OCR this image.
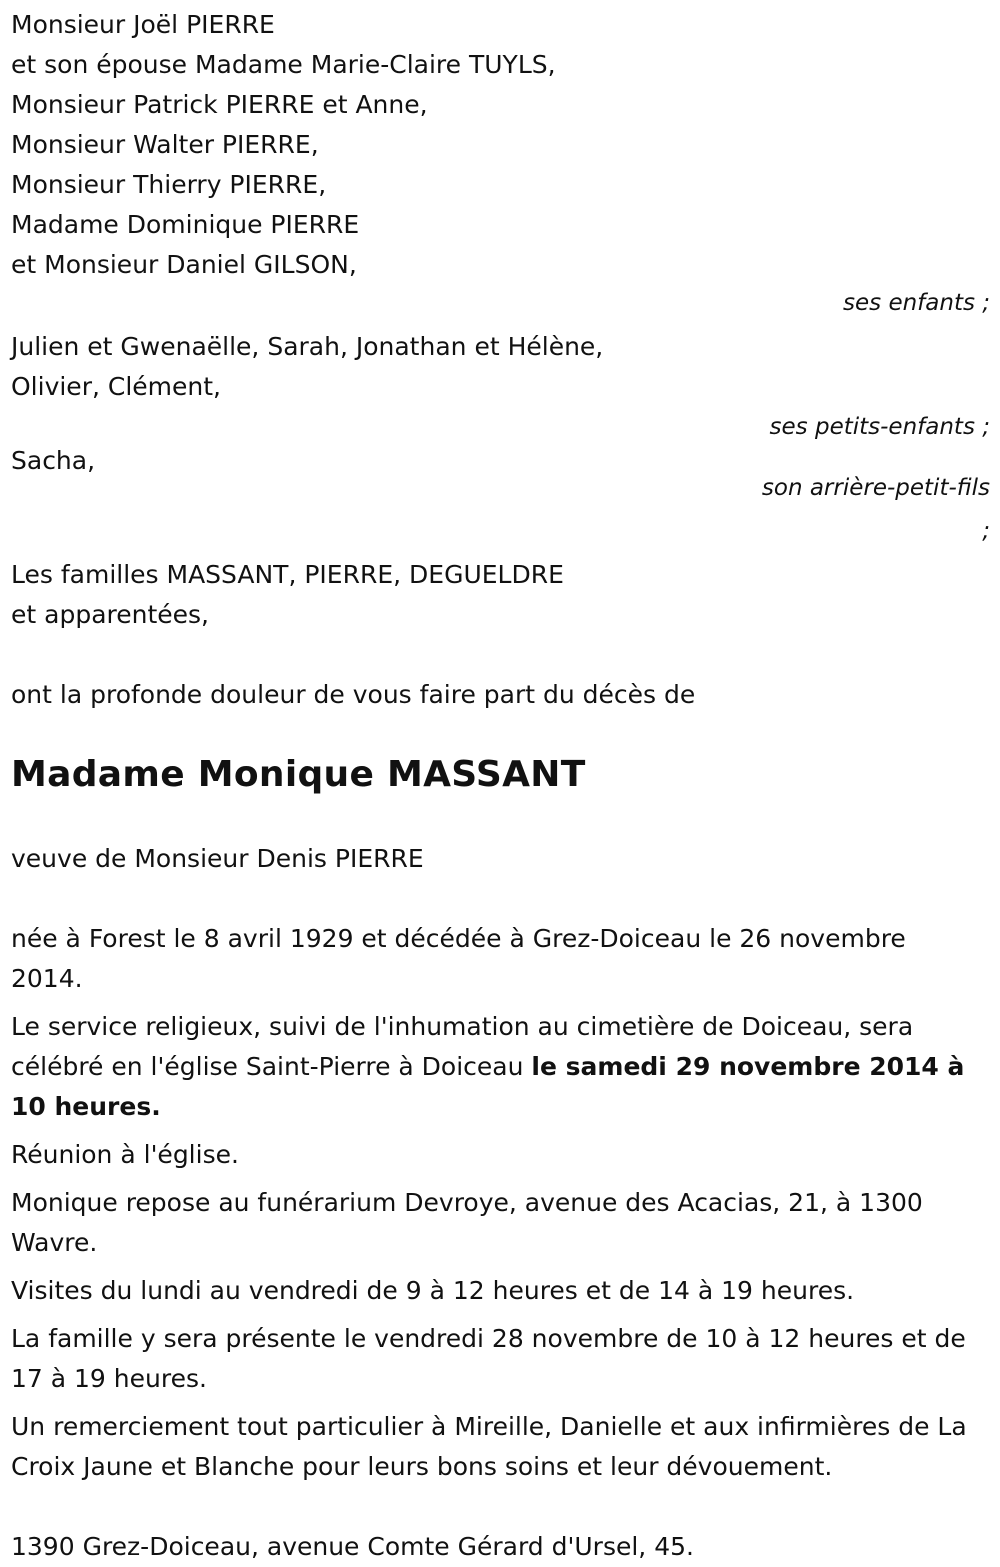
Monsieur Joël PIERRE
et son épouse Madame Marie-Claire TUYLS,
Monsieur Patrick PIERRE et Anne,
Monsieur Walter PIERRE,
Monsieur Thierry PIERRE,
Madame Dominique PIERRE
et Monsieur Daniel GILSON,
ses enfants ;
Julien et Gwenaëlle, Sarah, Jonathan et Hélène,
Olivier, Clément,
ses petits-enfants ;
Sacha,
son arrière-petit-fils
;
Les familles MASSANT, PIERRE, DEGUELDRE
et apparentées,
ont la profonde douleur de vous faire part du décès de
Madame Monique MASSANT
veuve de Monsieur Denis PIERRE
née à Forest le 8 avril 1929 et décédée à Grez-Doiceau le 26 novembre 2014.
Le service religieux, suivi de l'inhumation au cimetière de Doiceau, sera célébré en l'église Saint-Pierre à Doiceau le samedi 29 novembre 2014 à 10 heures.
Réunion à l'église.
Monique repose au funérarium Devroye, avenue des Acacias, 21, à 1300 Wavre.
Visites du lundi au vendredi de 9 à 12 heures et de 14 à 19 heures.
La famille y sera présente le vendredi 28 novembre de 10 à 12 heures et de 17 à 19 heures.
Un remerciement tout particulier à Mireille, Danielle et aux infirmières de La Croix Jaune et Blanche pour leurs bons soins et leur dévouement.
1390 Grez-Doiceau, avenue Comte Gérard d'Ursel, 45.
